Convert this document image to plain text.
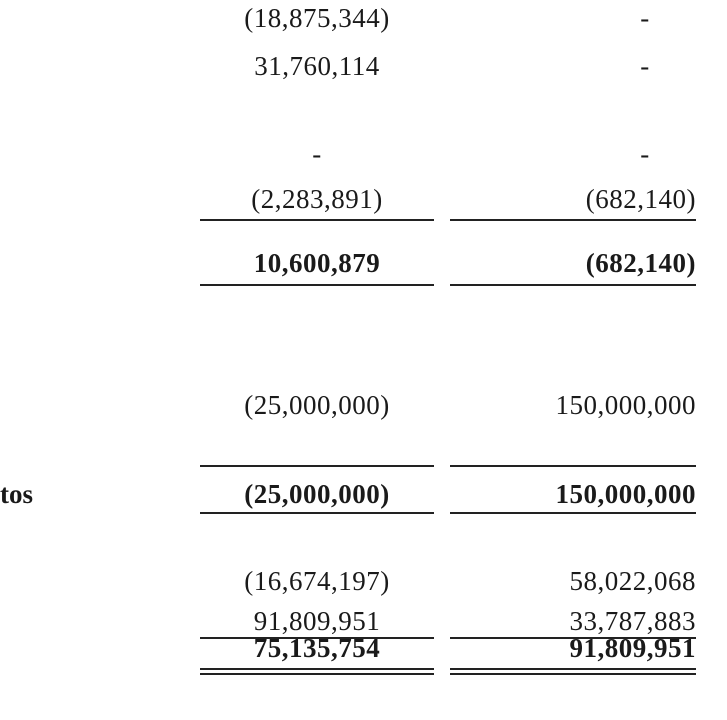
(18,875,344)	-
31,760,114	-
-	-
(2,283,891)	(682,140)
10,600,879	(682,140)
(25,000,000)	150,000,000
tos	(25,000,000)	150,000,000
(16,674,197)	58,022,068
91,809,951	33,787,883
75,135,754	91,809,951
